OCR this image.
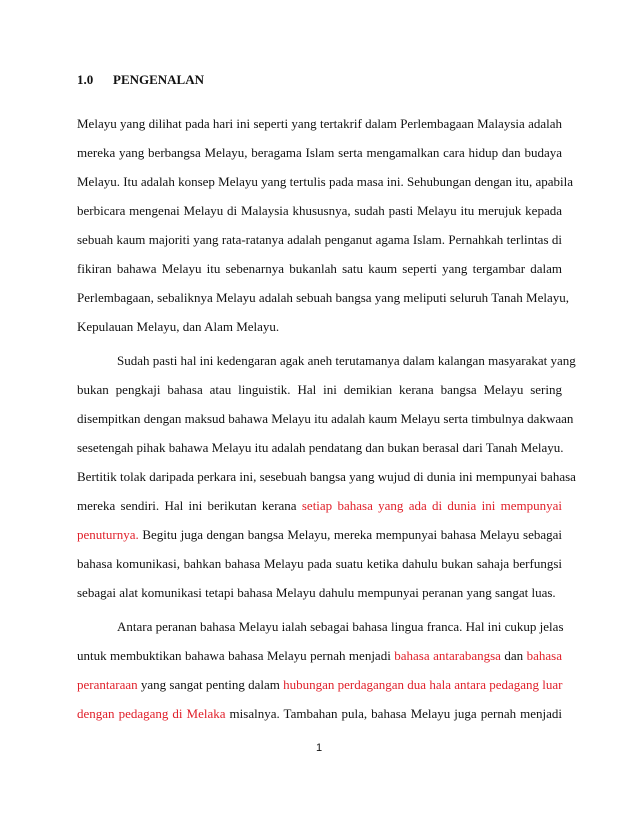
1.0 PENGENALAN
Melayu yang dilihat pada hari ini seperti yang tertakrif dalam Perlembagaan Malaysia adalah
mereka yang berbangsa Melayu, beragama Islam serta mengamalkan cara hidup dan budaya
Melayu. Itu adalah konsep Melayu yang tertulis pada masa ini. Sehubungan dengan itu, apabila
berbicara mengenai Melayu di Malaysia khususnya, sudah pasti Melayu itu merujuk kepada
sebuah kaum majoriti yang rata-ratanya adalah penganut agama Islam. Pernahkah terlintas di
fikiran bahawa Melayu itu sebenarnya bukanlah satu kaum seperti yang tergambar dalam
Perlembagaan, sebaliknya Melayu adalah sebuah bangsa yang meliputi seluruh Tanah Melayu,
Kepulauan Melayu, dan Alam Melayu.
Sudah pasti hal ini kedengaran agak aneh terutamanya dalam kalangan masyarakat yang
bukan pengkaji bahasa atau linguistik. Hal ini demikian kerana bangsa Melayu sering
disempitkan dengan maksud bahawa Melayu itu adalah kaum Melayu serta timbulnya dakwaan
sesetengah pihak bahawa Melayu itu adalah pendatang dan bukan berasal dari Tanah Melayu.
Bertitik tolak daripada perkara ini, sesebuah bangsa yang wujud di dunia ini mempunyai bahasa
mereka sendiri. Hal ini berikutan kerana setiap bahasa yang ada di dunia ini mempunyai
penuturnya. Begitu juga dengan bangsa Melayu, mereka mempunyai bahasa Melayu sebagai
bahasa komunikasi, bahkan bahasa Melayu pada suatu ketika dahulu bukan sahaja berfungsi
sebagai alat komunikasi tetapi bahasa Melayu dahulu mempunyai peranan yang sangat luas.
Antara peranan bahasa Melayu ialah sebagai bahasa lingua franca. Hal ini cukup jelas
untuk membuktikan bahawa bahasa Melayu pernah menjadi bahasa antarabangsa dan bahasa
perantaraan yang sangat penting dalam hubungan perdagangan dua hala antara pedagang luar
dengan pedagang di Melaka misalnya. Tambahan pula, bahasa Melayu juga pernah menjadi
1
